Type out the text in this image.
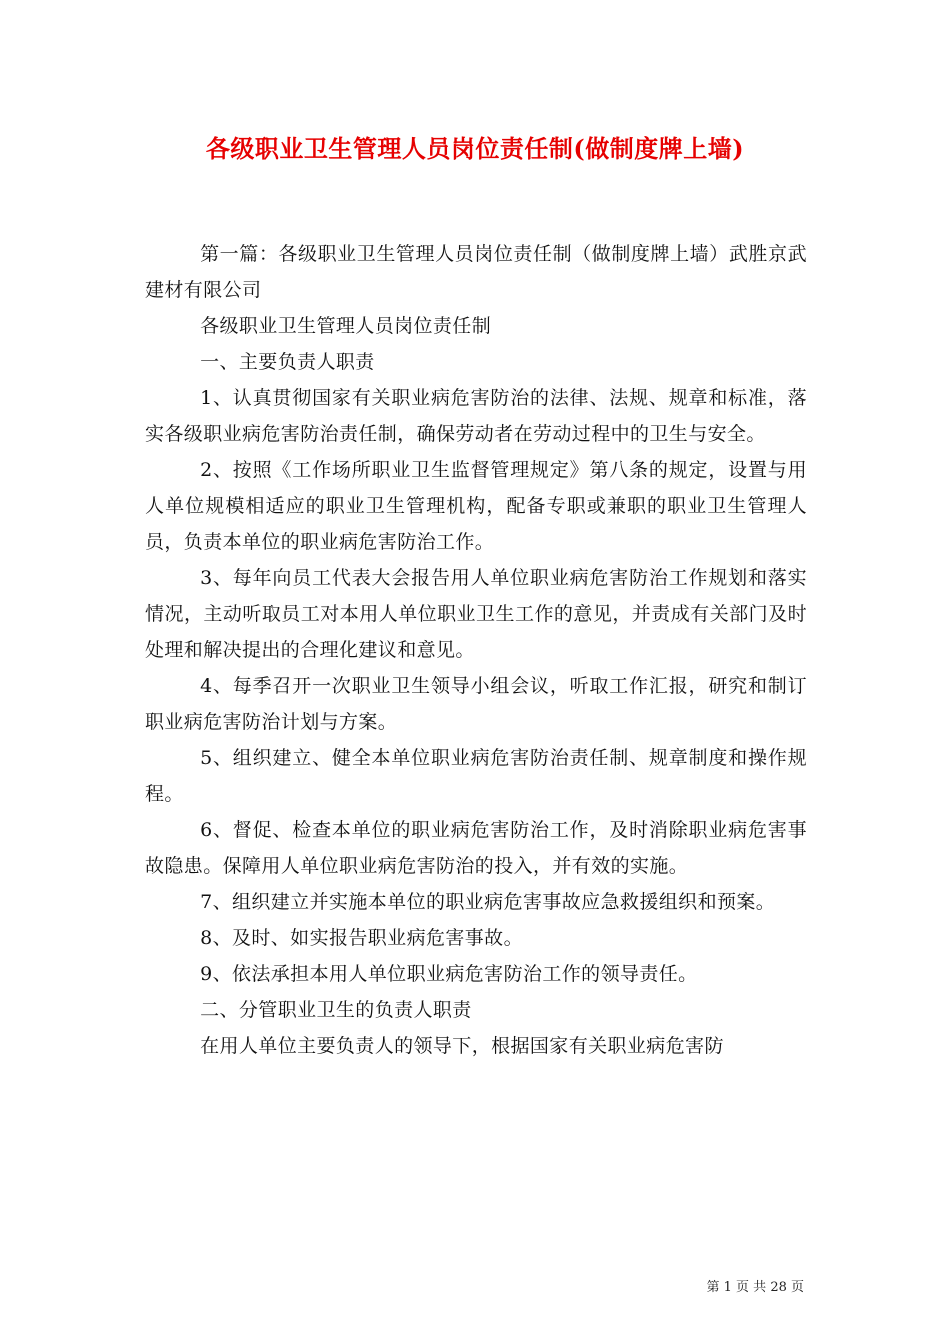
各级职业卫生管理人员岗位责任制(做制度牌上墙)

第一篇：各级职业卫生管理人员岗位责任制（做制度牌上墙）武胜京武建材有限公司

各级职业卫生管理人员岗位责任制

一、主要负责人职责

1、认真贯彻国家有关职业病危害防治的法律、法规、规章和标准，落实各级职业病危害防治责任制，确保劳动者在劳动过程中的卫生与安全。

2、按照《工作场所职业卫生监督管理规定》第八条的规定，设置与用人单位规模相适应的职业卫生管理机构，配备专职或兼职的职业卫生管理人员，负责本单位的职业病危害防治工作。

3、每年向员工代表大会报告用人单位职业病危害防治工作规划和落实情况，主动听取员工对本用人单位职业卫生工作的意见，并责成有关部门及时处理和解决提出的合理化建议和意见。

4、每季召开一次职业卫生领导小组会议，听取工作汇报，研究和制订职业病危害防治计划与方案。

5、组织建立、健全本单位职业病危害防治责任制、规章制度和操作规程。

6、督促、检查本单位的职业病危害防治工作，及时消除职业病危害事故隐患。保障用人单位职业病危害防治的投入，并有效的实施。

7、组织建立并实施本单位的职业病危害事故应急救援组织和预案。

8、及时、如实报告职业病危害事故。

9、依法承担本用人单位职业病危害防治工作的领导责任。

二、分管职业卫生的负责人职责

在用人单位主要负责人的领导下，根据国家有关职业病危害防

第 1 页 共 28 页
